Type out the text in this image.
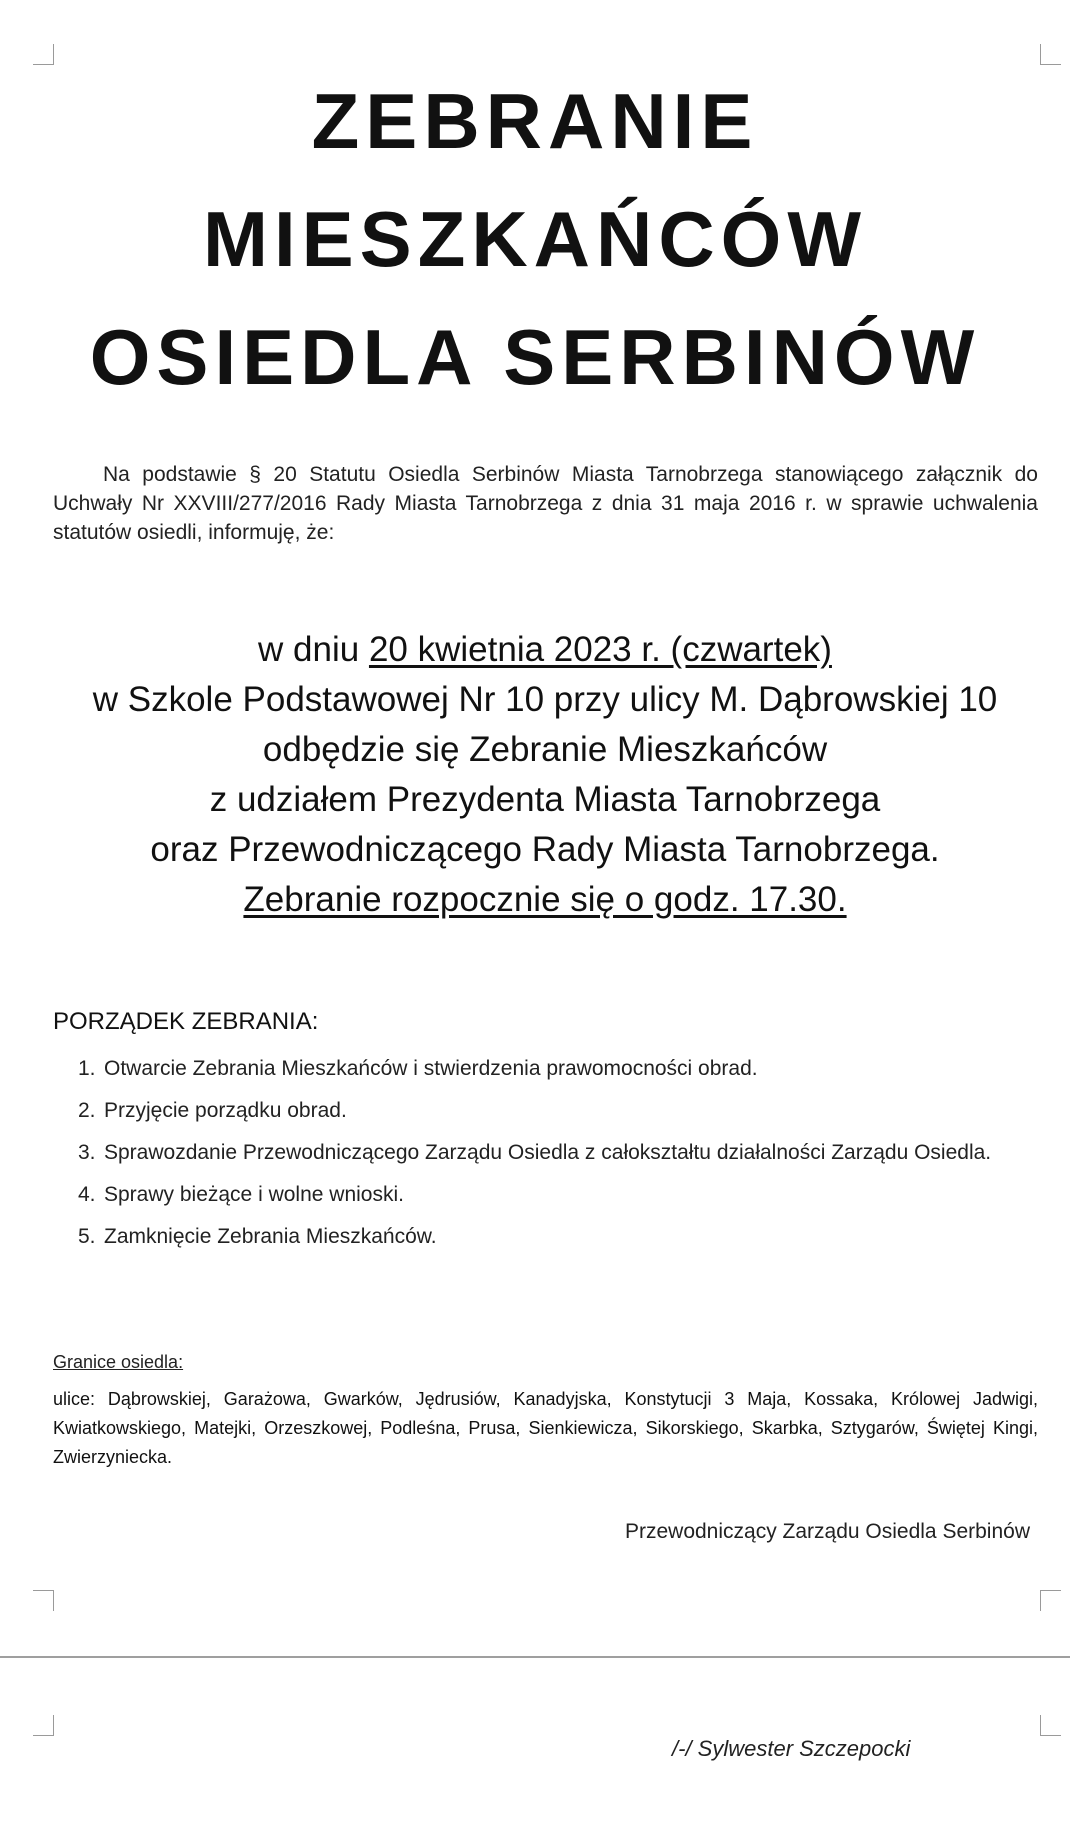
ZEBRANIE
MIESZKAŃCÓW
OSIEDLA SERBINÓW
Na podstawie § 20 Statutu Osiedla Serbinów Miasta Tarnobrzega stanowiącego załącznik do Uchwały Nr XXVIII/277/2016 Rady Miasta Tarnobrzega z dnia 31 maja 2016 r. w sprawie uchwalenia statutów osiedli, informuję, że:
w dniu 20 kwietnia 2023 r. (czwartek)
w Szkole Podstawowej Nr 10 przy ulicy M. Dąbrowskiej 10
odbędzie się Zebranie Mieszkańców
z udziałem Prezydenta Miasta Tarnobrzega
oraz Przewodniczącego Rady Miasta Tarnobrzega.
Zebranie rozpocznie się o godz. 17.30.
PORZĄDEK ZEBRANIA:
1. Otwarcie Zebrania Mieszkańców i stwierdzenia prawomocności obrad.
2. Przyjęcie porządku obrad.
3. Sprawozdanie Przewodniczącego Zarządu Osiedla z całokształtu działalności Zarządu Osiedla.
4. Sprawy bieżące i wolne wnioski.
5. Zamknięcie Zebrania Mieszkańców.
Granice osiedla:
ulice: Dąbrowskiej, Garażowa, Gwarków, Jędrusiów, Kanadyjska, Konstytucji 3 Maja, Kossaka, Królowej Jadwigi, Kwiatkowskiego, Matejki, Orzeszkowej, Podleśna, Prusa, Sienkiewicza, Sikorskiego, Skarbka, Sztygarów, Świętej Kingi, Zwierzyniecka.
Przewodniczący Zarządu Osiedla Serbinów
/-/ Sylwester Szczepocki
